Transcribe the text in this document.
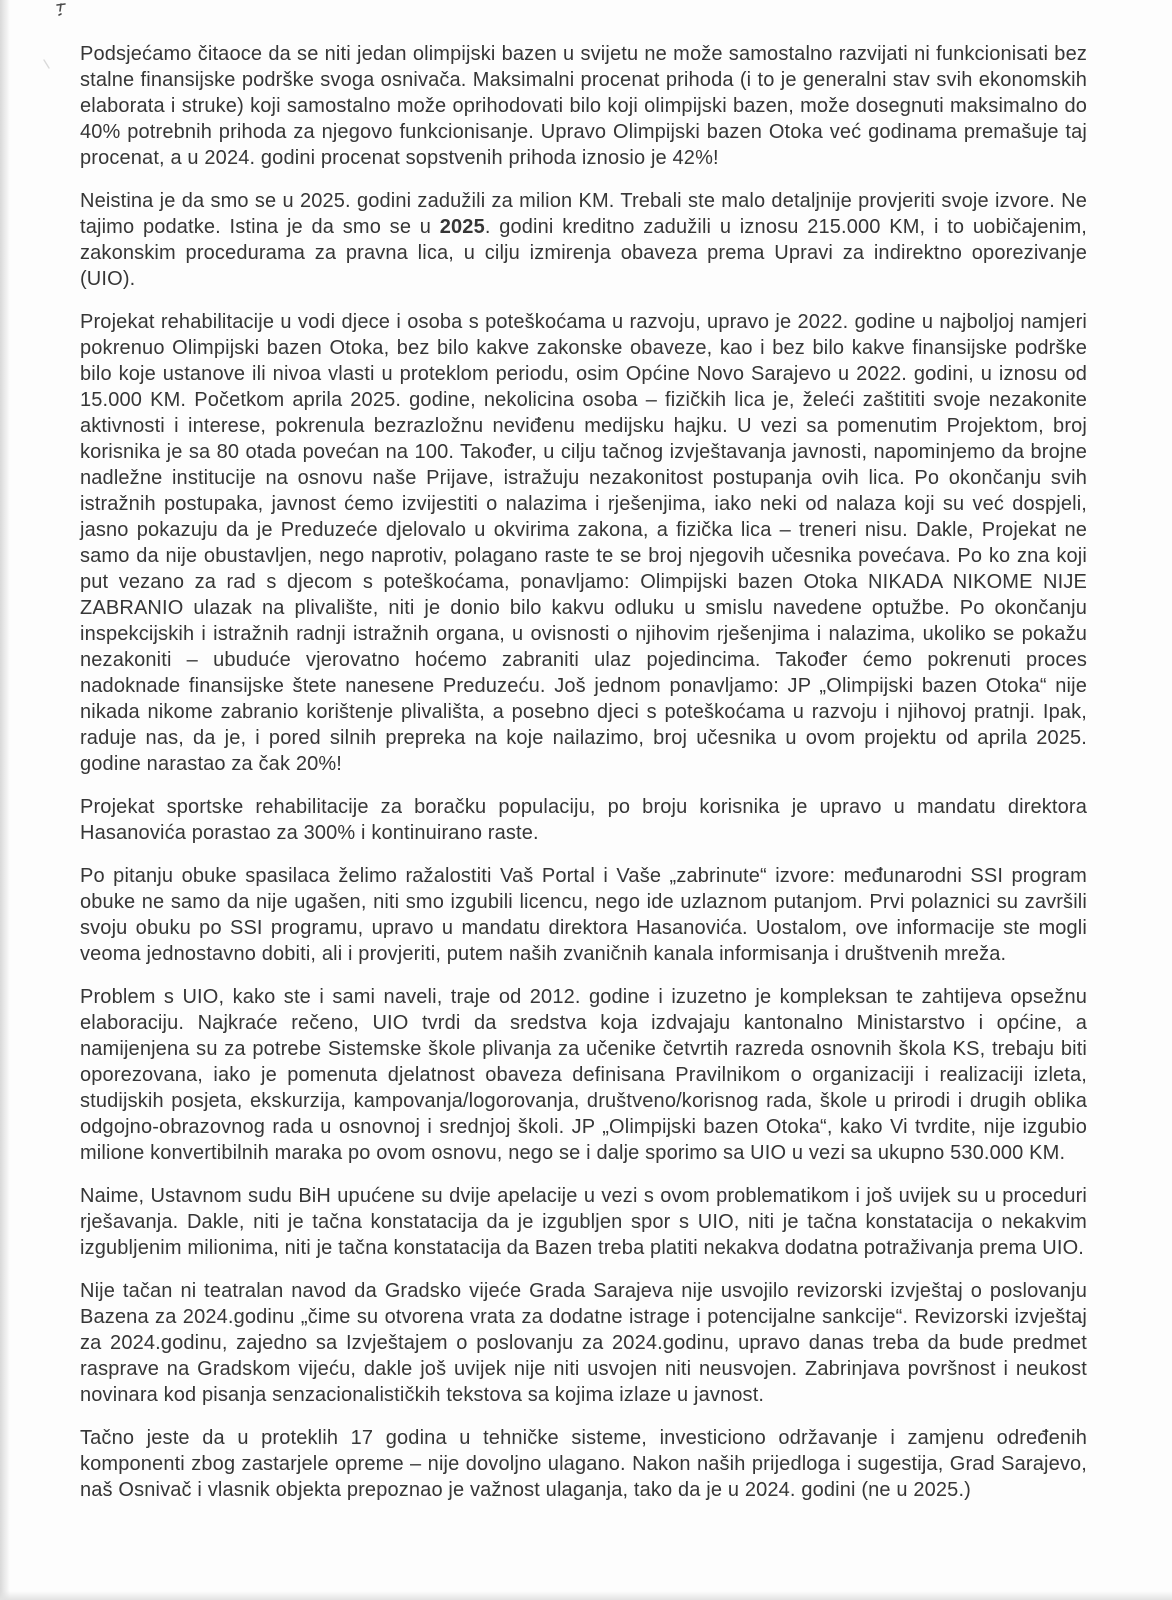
Podsjećamo čitaoce da se niti jedan olimpijski bazen u svijetu ne može samostalno razvijati ni funkcionisati bez stalne finansijske podrške svoga osnivača. Maksimalni procenat prihoda (i to je generalni stav svih ekonomskih elaborata i struke) koji samostalno može oprihodovati bilo koji olimpijski bazen, može dosegnuti maksimalno do 40% potrebnih prihoda za njegovo funkcionisanje. Upravo Olimpijski bazen Otoka već godinama premašuje taj procenat, a u 2024. godini procenat sopstvenih prihoda iznosio je 42%!

Neistina je da smo se u 2025. godini zadužili za milion KM. Trebali ste malo detaljnije provjeriti svoje izvore. Ne tajimo podatke. Istina je da smo se u 2025. godini kreditno zadužili u iznosu 215.000 KM, i to uobičajenim, zakonskim procedurama za pravna lica, u cilju izmirenja obaveza prema Upravi za indirektno oporezivanje (UIO).

Projekat rehabilitacije u vodi djece i osoba s poteškoćama u razvoju, upravo je 2022. godine u najboljoj namjeri pokrenuo Olimpijski bazen Otoka, bez bilo kakve zakonske obaveze, kao i bez bilo kakve finansijske podrške bilo koje ustanove ili nivoa vlasti u proteklom periodu, osim Općine Novo Sarajevo u 2022. godini, u iznosu od 15.000 KM. Početkom aprila 2025. godine, nekolicina osoba – fizičkih lica je, želeći zaštititi svoje nezakonite aktivnosti i interese, pokrenula bezrazložnu neviđenu medijsku hajku. U vezi sa pomenutim Projektom, broj korisnika je sa 80 otada povećan na 100. Također, u cilju tačnog izvještavanja javnosti, napominjemo da brojne nadležne institucije na osnovu naše Prijave, istražuju nezakonitost postupanja ovih lica. Po okončanju svih istražnih postupaka, javnost ćemo izvijestiti o nalazima i rješenjima, iako neki od nalaza koji su već dospjeli, jasno pokazuju da je Preduzeće djelovalo u okvirima zakona, a fizička lica – treneri nisu. Dakle, Projekat ne samo da nije obustavljen, nego naprotiv, polagano raste te se broj njegovih učesnika povećava. Po ko zna koji put vezano za rad s djecom s poteškoćama, ponavljamo: Olimpijski bazen Otoka NIKADA NIKOME NIJE ZABRANIO ulazak na plivalište, niti je donio bilo kakvu odluku u smislu navedene optužbe. Po okončanju inspekcijskih i istražnih radnji istražnih organa, u ovisnosti o njihovim rješenjima i nalazima, ukoliko se pokažu nezakoniti – ubuduće vjerovatno hoćemo zabraniti ulaz pojedincima. Također ćemo pokrenuti proces nadoknade finansijske štete nanesene Preduzeću. Još jednom ponavljamo: JP „Olimpijski bazen Otoka“ nije nikada nikome zabranio korištenje plivališta, a posebno djeci s poteškoćama u razvoju i njihovoj pratnji. Ipak, raduje nas, da je, i pored silnih prepreka na koje nailazimo, broj učesnika u ovom projektu od aprila 2025. godine narastao za čak 20%!

Projekat sportske rehabilitacije za boračku populaciju, po broju korisnika je upravo u mandatu direktora Hasanovića porastao za 300% i kontinuirano raste.

Po pitanju obuke spasilaca želimo ražalostiti Vaš Portal i Vaše „zabrinute“ izvore: međunarodni SSI program obuke ne samo da nije ugašen, niti smo izgubili licencu, nego ide uzlaznom putanjom. Prvi polaznici su završili svoju obuku po SSI programu, upravo u mandatu direktora Hasanovića. Uostalom, ove informacije ste mogli veoma jednostavno dobiti, ali i provjeriti, putem naših zvaničnih kanala informisanja i društvenih mreža.

Problem s UIO, kako ste i sami naveli, traje od 2012. godine i izuzetno je kompleksan te zahtijeva opsežnu elaboraciju. Najkraće rečeno, UIO tvrdi da sredstva koja izdvajaju kantonalno Ministarstvo i općine, a namijenjena su za potrebe Sistemske škole plivanja za učenike četvrtih razreda osnovnih škola KS, trebaju biti oporezovana, iako je pomenuta djelatnost obaveza definisana Pravilnikom o organizaciji i realizaciji izleta, studijskih posjeta, ekskurzija, kampovanja/logorovanja, društveno/korisnog rada, škole u prirodi i drugih oblika odgojno-obrazovnog rada u osnovnoj i srednjoj školi. JP „Olimpijski bazen Otoka“, kako Vi tvrdite, nije izgubio milione konvertibilnih maraka po ovom osnovu, nego se i dalje sporimo sa UIO u vezi sa ukupno 530.000 KM.

Naime, Ustavnom sudu BiH upućene su dvije apelacije u vezi s ovom problematikom i još uvijek su u proceduri rješavanja. Dakle, niti je tačna konstatacija da je izgubljen spor s UIO, niti je tačna konstatacija o nekakvim izgubljenim milionima, niti je tačna konstatacija da Bazen treba platiti nekakva dodatna potraživanja prema UIO.

Nije tačan ni teatralan navod da Gradsko vijeće Grada Sarajeva nije usvojilo revizorski izvještaj o poslovanju Bazena za 2024.godinu „čime su otvorena vrata za dodatne istrage i potencijalne sankcije“. Revizorski izvještaj za 2024.godinu, zajedno sa Izvještajem o poslovanju za 2024.godinu, upravo danas treba da bude predmet rasprave na Gradskom vijeću, dakle još uvijek nije niti usvojen niti neusvojen. Zabrinjava površnost i neukost novinara kod pisanja senzacionalističkih tekstova sa kojima izlaze u javnost.

Tačno jeste da u proteklih 17 godina u tehničke sisteme, investiciono održavanje i zamjenu određenih komponenti zbog zastarjele opreme – nije dovoljno ulagano. Nakon naših prijedloga i sugestija, Grad Sarajevo, naš Osnivač i vlasnik objekta prepoznao je važnost ulaganja, tako da je u 2024. godini (ne u 2025.)
